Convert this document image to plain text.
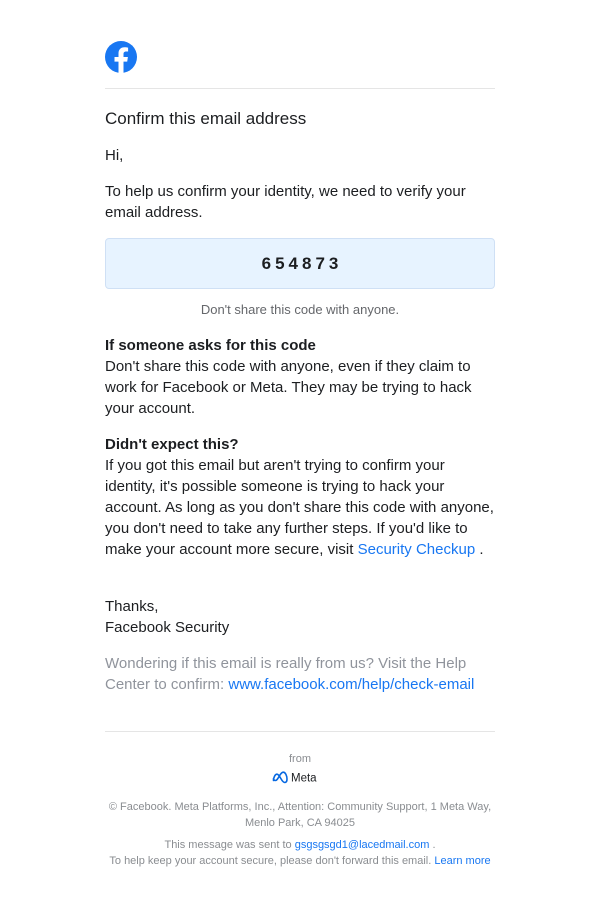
Confirm this email address

Hi,

To help us confirm your identity, we need to verify your email address.

654873
Don't share this code with anyone.

If someone asks for this code

Don't share this code with anyone, even if they claim to work for Facebook or Meta. They may be trying to hack your account.

Didn't expect this?

If you got this email but aren't trying to confirm your identity, it's possible someone is trying to hack your account. As long as you don't share this code with anyone, you don't need to take any further steps. If you'd like to make your account more secure, visit Security Checkup .

Thanks,

Facebook Security

Wondering if this email is really from us? Visit the Help Center to confirm: www.facebook.com/help/check-email

from
Meta
© Facebook. Meta Platforms, Inc., Attention: Community Support, 1 Meta Way, Menlo Park, CA 94025
This message was sent to gsgsgsgd1@lacedmail.com .
To help keep your account secure, please don't forward this email. Learn more
